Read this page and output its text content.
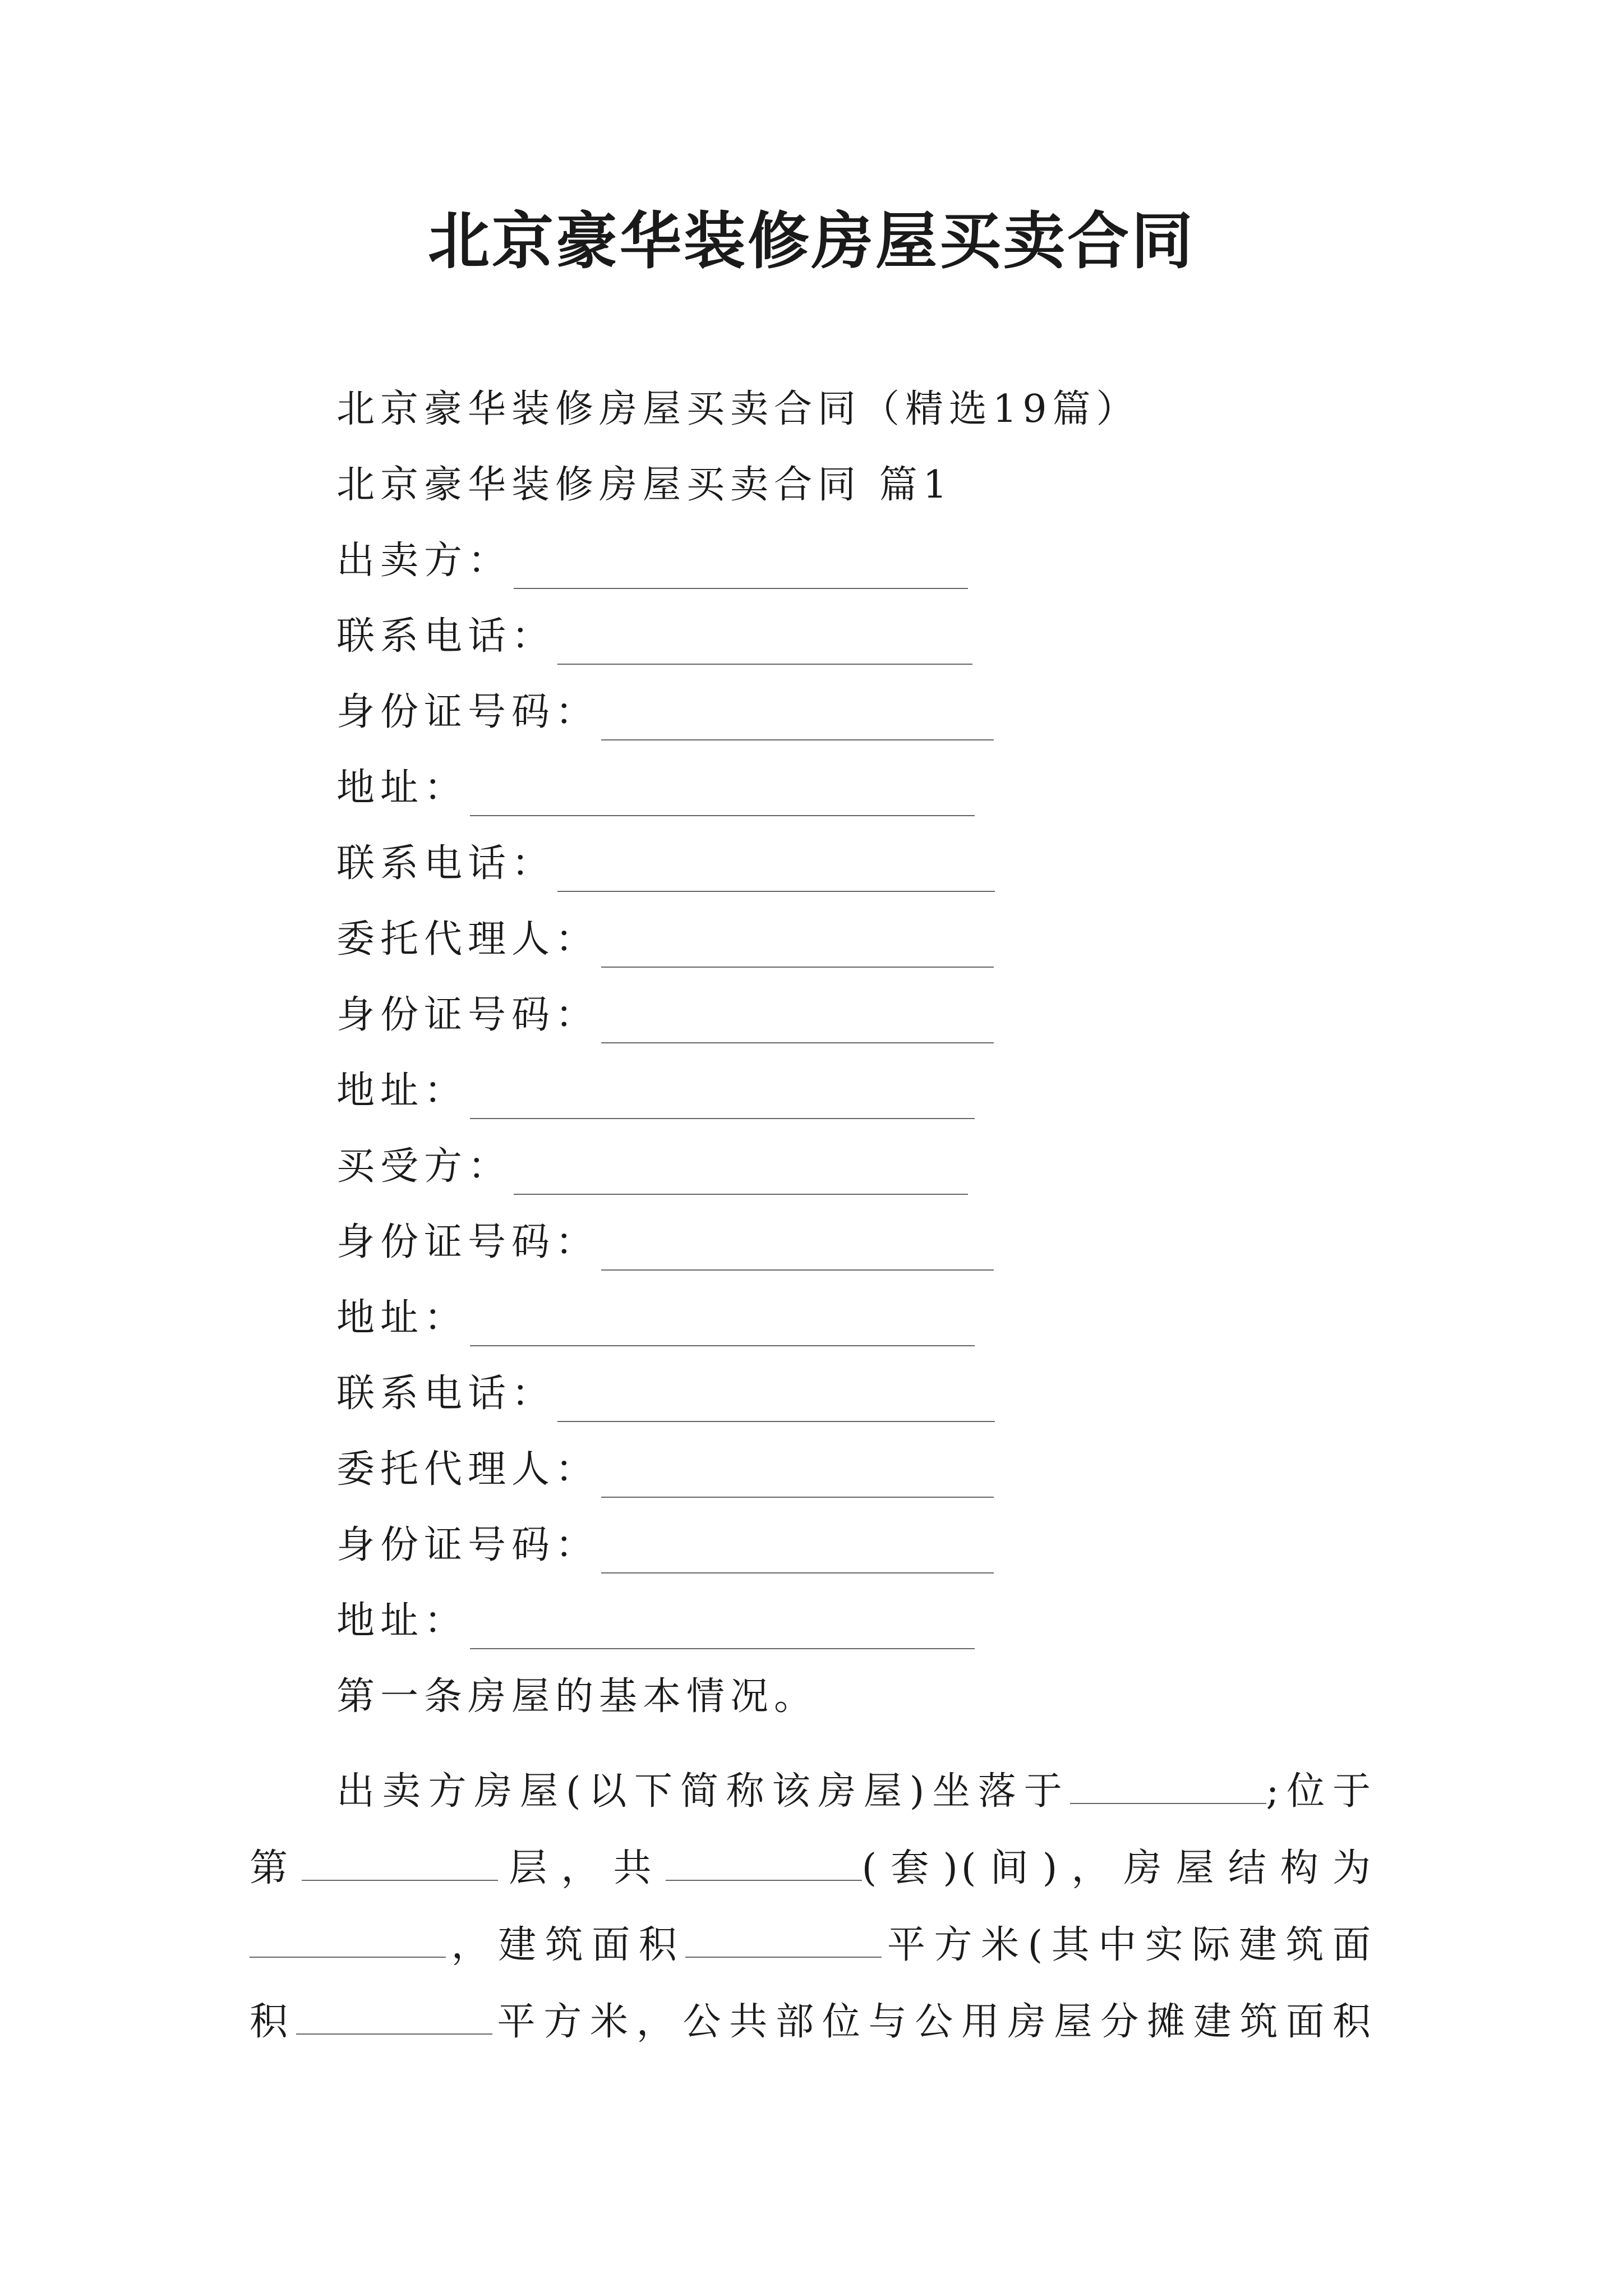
北京豪华装修房屋买卖合同
北京豪华装修房屋买卖合同（精选19篇）
北京豪华装修房屋买卖合同 篇1
出卖方：
联系电话：
身份证号码：
地址：
联系电话：
委托代理人：
身份证号码：
地址：
买受方：
身份证号码：
地址：
联系电话：
委托代理人：
身份证号码：
地址：
第一条房屋的基本情况。
出卖方房屋(以下简称该房屋)坐落于	;位于
第	层，共	(套)(间)，房屋结构为
，建筑面积	平方米(其中实际建筑面
积	平方米，公共部位与公用房屋分摊建筑面积
